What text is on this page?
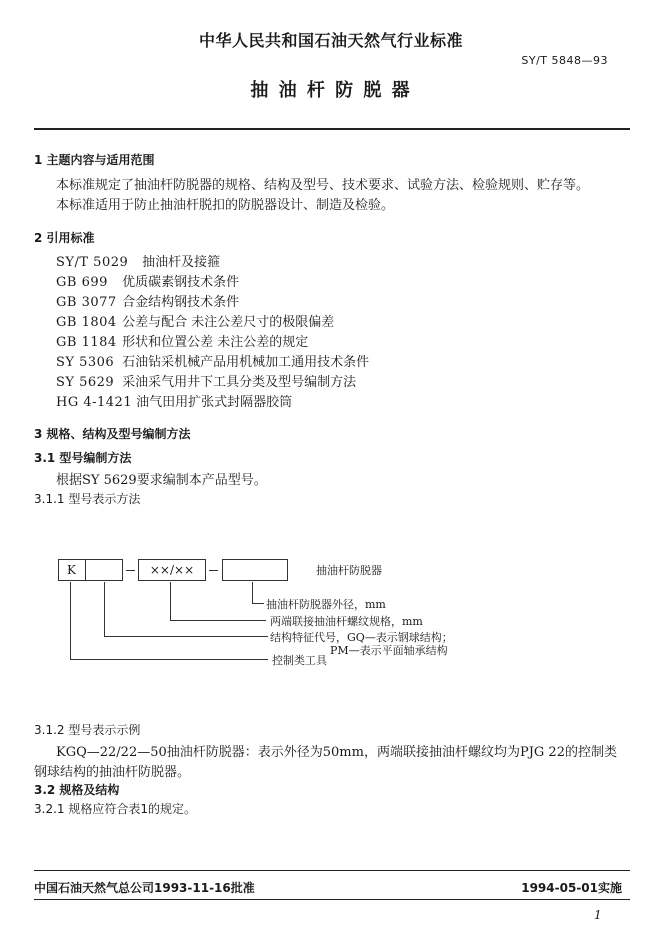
中华人民共和国石油天然气行业标准
SY/T 5848—93
抽 油 杆 防 脱 器
1 主题内容与适用范围
本标准规定了抽油杆防脱器的规格、结构及型号、技术要求、试验方法、检验规则、贮存等。
本标准适用于防止抽油杆脱扣的防脱器设计、制造及检验。
2 引用标准
SY/T 5029 抽油杆及接箍
GB 699 优质碳素钢技术条件
GB 3077 合金结构钢技术条件
GB 1804 公差与配合 未注公差尺寸的极限偏差
GB 1184 形状和位置公差 未注公差的规定
SY 5306 石油钻采机械产品用机械加工通用技术条件
SY 5629 采油采气用井下工具分类及型号编制方法
HG 4-1421 油气田用扩张式封隔器胶筒
3 规格、结构及型号编制方法
3.1 型号编制方法
根据SY 5629要求编制本产品型号。
3.1.1 型号表示方法
K	××/××	抽油杆防脱器
抽油杆防脱器外径，mm
两端联接抽油杆螺纹规格，mm
结构特征代号，GQ—表示钢球结构；
PM—表示平面轴承结构
控制类工具
3.1.2 型号表示示例
KGQ—22/22—50抽油杆防脱器：表示外径为50mm，两端联接抽油杆螺纹均为PJG 22的控制类
钢球结构的抽油杆防脱器。
3.2 规格及结构
3.2.1 规格应符合表1的规定。
中国石油天然气总公司1993-11-16批准	1994-05-01实施
1
